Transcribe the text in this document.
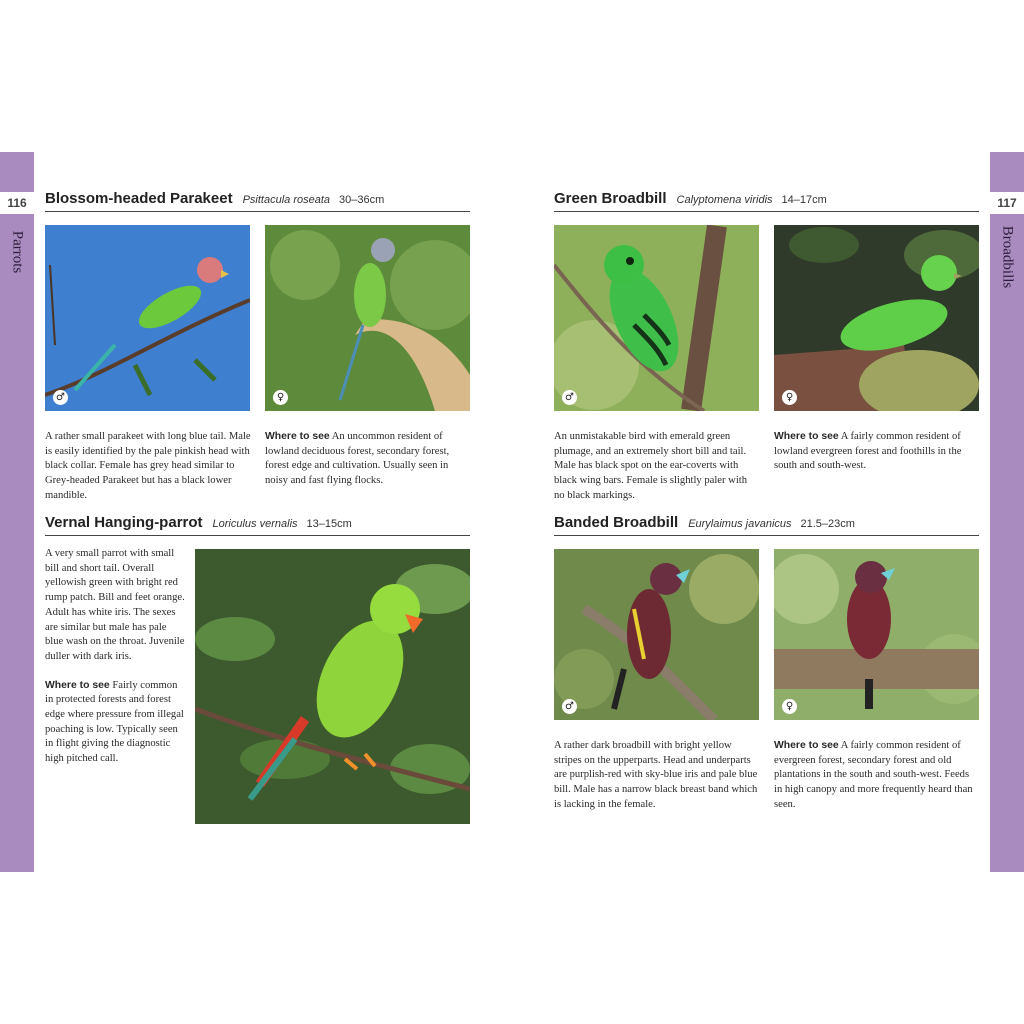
116
Parrots
117
Broadbills
Blossom-headed Parakeet Psittacula roseata 30–36cm
♂	♀

A rather small parakeet with long blue tail. Male is easily identified by the pale pinkish head with black collar. Female has grey head similar to Grey-headed Parakeet but has a black lower mandible.

Where to see An uncommon resident of lowland deciduous forest, secondary forest, forest edge and cultivation. Usually seen in noisy and fast flying flocks.

Vernal Hanging-parrot Loriculus vernalis 13–15cm

A very small parrot with small bill and short tail. Overall yellowish green with bright red rump patch. Bill and feet orange. Adult has white iris. The sexes are similar but male has pale blue wash on the throat. Juvenile duller with dark iris.

Where to see Fairly common in protected forests and forest edge where pressure from illegal poaching is low. Typically seen in flight giving the diagnostic high pitched call.

Green Broadbill Calyptomena viridis 14–17cm
♂	♀

An unmistakable bird with emerald green plumage, and an extremely short bill and tail. Male has black spot on the ear-coverts with black wing bars. Female is slightly paler with no black markings.

Where to see A fairly common resident of lowland evergreen forest and foothills in the south and south-west.

Banded Broadbill Eurylaimus javanicus 21.5–23cm
♂	♀

A rather dark broadbill with bright yellow stripes on the upperparts. Head and underparts are purplish-red with sky-blue iris and pale blue bill. Male has a narrow black breast band which is lacking in the female.

Where to see A fairly common resident of evergreen forest, secondary forest and old plantations in the south and south-west. Feeds in high canopy and more frequently heard than seen.
